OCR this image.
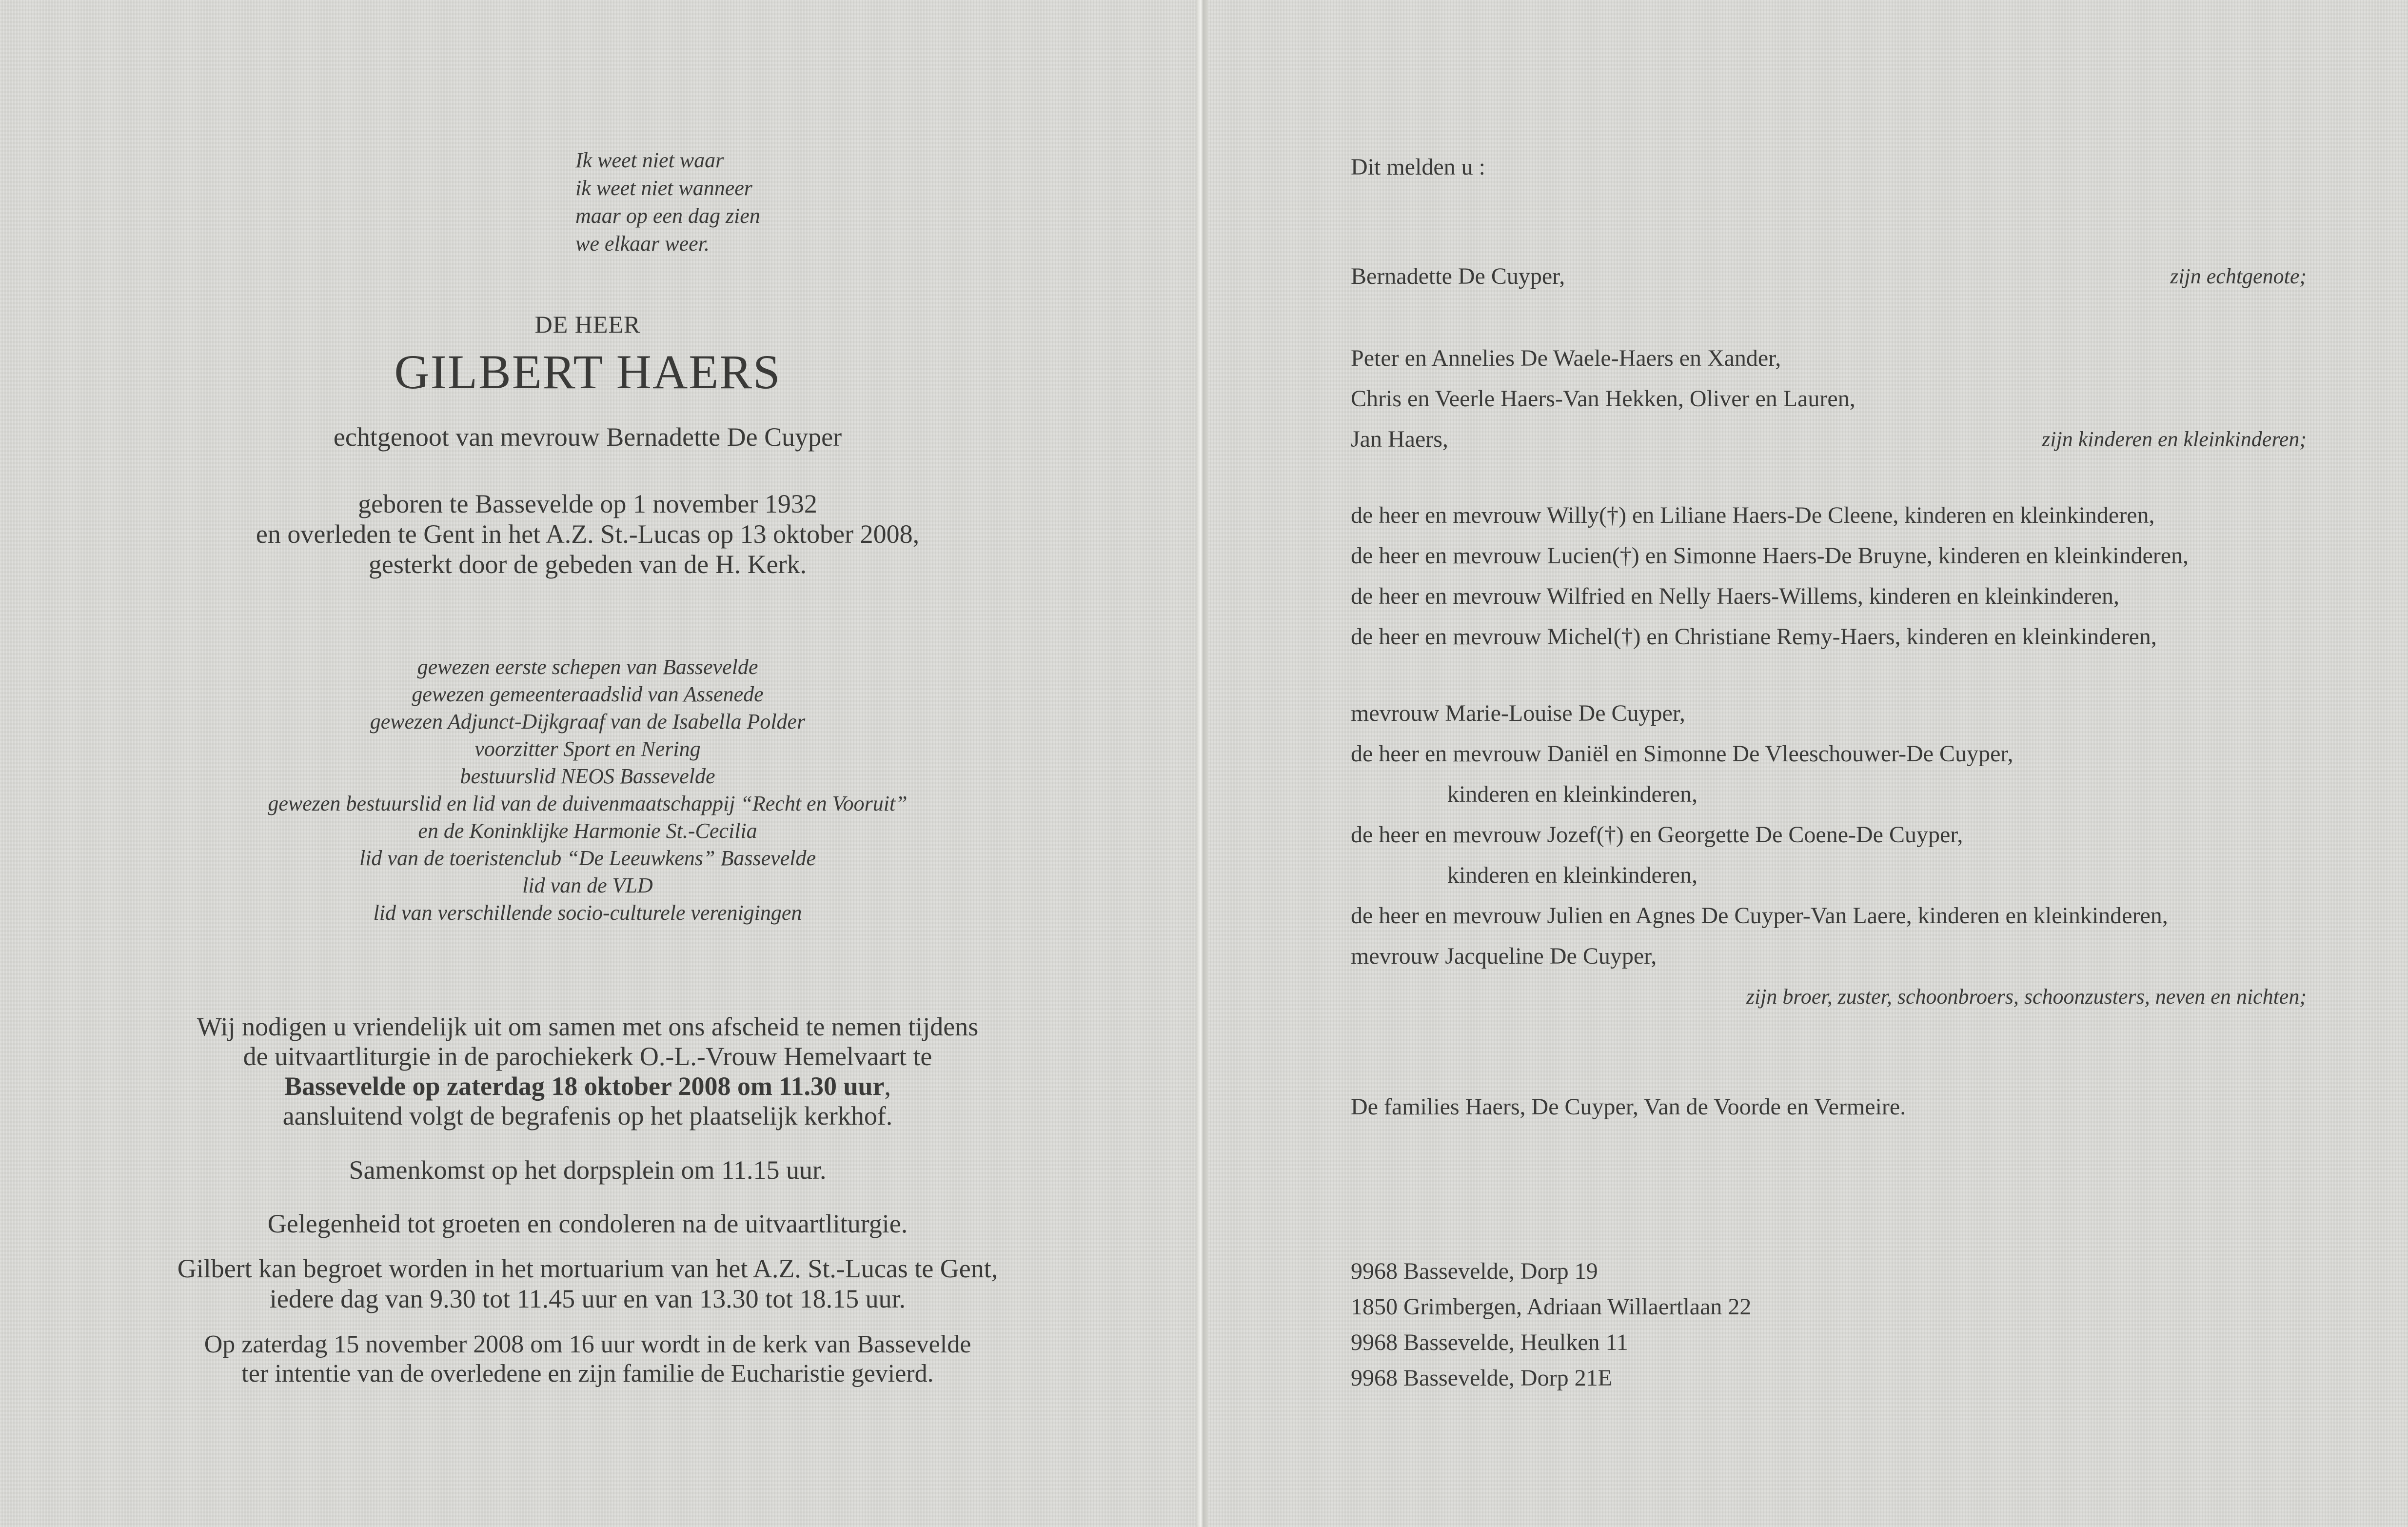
Ik weet niet waar
ik weet niet wanneer
maar op een dag zien
we elkaar weer.
DE HEER
GILBERT HAERS
echtgenoot van mevrouw Bernadette De Cuyper
geboren te Bassevelde op 1 november 1932
en overleden te Gent in het A.Z. St.-Lucas op 13 oktober 2008,
gesterkt door de gebeden van de H. Kerk.
gewezen eerste schepen van Bassevelde
gewezen gemeenteraadslid van Assenede
gewezen Adjunct-Dijkgraaf van de Isabella Polder
voorzitter Sport en Nering
bestuurslid NEOS Bassevelde
gewezen bestuurslid en lid van de duivenmaatschappij “Recht en Vooruit”
en de Koninklijke Harmonie St.-Cecilia
lid van de toeristenclub “De Leeuwkens” Bassevelde
lid van de VLD
lid van verschillende socio-culturele verenigingen
Wij nodigen u vriendelijk uit om samen met ons afscheid te nemen tijdens
de uitvaartliturgie in de parochiekerk O.-L.-Vrouw Hemelvaart te
Bassevelde op zaterdag 18 oktober 2008 om 11.30 uur,
aansluitend volgt de begrafenis op het plaatselijk kerkhof.
Samenkomst op het dorpsplein om 11.15 uur.
Gelegenheid tot groeten en condoleren na de uitvaartliturgie.
Gilbert kan begroet worden in het mortuarium van het A.Z. St.-Lucas te Gent,
iedere dag van 9.30 tot 11.45 uur en van 13.30 tot 18.15 uur.
Op zaterdag 15 november 2008 om 16 uur wordt in de kerk van Bassevelde
ter intentie van de overledene en zijn familie de Eucharistie gevierd.
Dit melden u :
Bernadette De Cuyper,	zijn echtgenote;
Peter en Annelies De Waele-Haers en Xander,
Chris en Veerle Haers-Van Hekken, Oliver en Lauren,
Jan Haers,	zijn kinderen en kleinkinderen;
de heer en mevrouw Willy(†) en Liliane Haers-De Cleene, kinderen en kleinkinderen,
de heer en mevrouw Lucien(†) en Simonne Haers-De Bruyne, kinderen en kleinkinderen,
de heer en mevrouw Wilfried en Nelly Haers-Willems, kinderen en kleinkinderen,
de heer en mevrouw Michel(†) en Christiane Remy-Haers, kinderen en kleinkinderen,
mevrouw Marie-Louise De Cuyper,
de heer en mevrouw Daniël en Simonne De Vleeschouwer-De Cuyper,
kinderen en kleinkinderen,
de heer en mevrouw Jozef(†) en Georgette De Coene-De Cuyper,
kinderen en kleinkinderen,
de heer en mevrouw Julien en Agnes De Cuyper-Van Laere, kinderen en kleinkinderen,
mevrouw Jacqueline De Cuyper,
zijn broer, zuster, schoonbroers, schoonzusters, neven en nichten;
De families Haers, De Cuyper, Van de Voorde en Vermeire.
9968 Bassevelde, Dorp 19
1850 Grimbergen, Adriaan Willaertlaan 22
9968 Bassevelde, Heulken 11
9968 Bassevelde, Dorp 21E
